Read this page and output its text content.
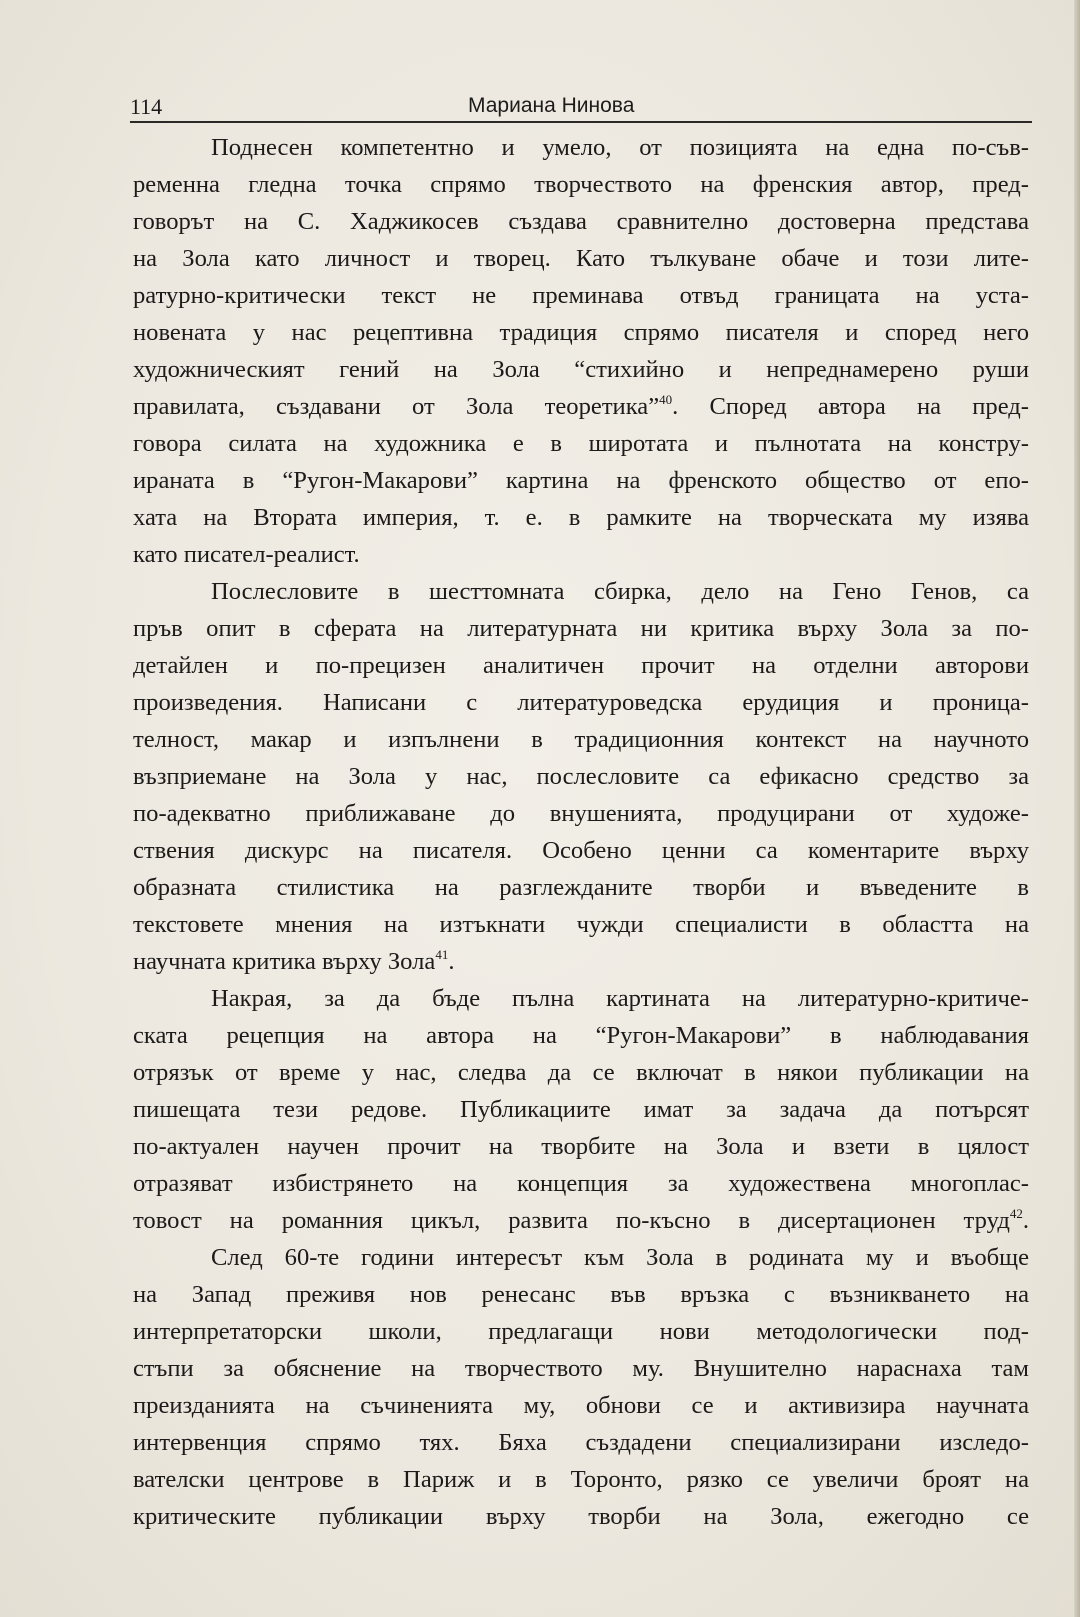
114	Мариана Нинова

Поднесен компетентно и умело, от позицията на една по-съв-

ременна гледна точка спрямо творчеството на френския автор, пред-

говорът на С. Хаджикосев създава сравнително достоверна представа

на Зола като личност и творец. Като тълкуване обаче и този лите-

ратурно-критически текст не преминава отвъд границата на уста-

новената у нас рецептивна традиция спрямо писателя и според него

художническият гений на Зола “стихийно и непреднамерено руши

правилата, създавани от Зола теоретика”$^{40}$. Според автора на пред-

говора силата на художника е в широтата и пълнотата на констру-

ираната в “Ругон-Макарови” картина на френското общество от епо-

хата на Втората империя, т. е. в рамките на творческата му изява

като писател-реалист.

Послесловите в шесттомната сбирка, дело на Гено Генов, са

пръв опит в сферата на литературната ни критика върху Зола за по-

детайлен и по-прецизен аналитичен прочит на отделни авторови

произведения. Написани с литературоведска ерудиция и проница-

телност, макар и изпълнени в традиционния контекст на научното

възприемане на Зола у нас, послесловите са ефикасно средство за

по-адекватно приближаване до внушенията, продуцирани от художе-

ствения дискурс на писателя. Особено ценни са коментарите върху

образната стилистика на разглежданите творби и въведените в

текстовете мнения на изтъкнати чужди специалисти в областта на

научната критика върху Зола$^{41}$.

Накрая, за да бъде пълна картината на литературно-критиче-

ската рецепция на автора на “Ругон-Макарови” в наблюдавания

отрязък от време у нас, следва да се включат в някои публикации на

пишещата тези редове. Публикациите имат за задача да потърсят

по-актуален научен прочит на творбите на Зола и взети в цялост

отразяват избистрянето на концепция за художествена многоплас-

товост на романния цикъл, развита по-късно в дисертационен труд$^{42}$.

След 60-те години интересът към Зола в родината му и въобще

на Запад преживя нов ренесанс във връзка с възникването на

интерпретаторски школи, предлагащи нови методологически под-

стъпи за обяснение на творчеството му. Внушително нараснаха там

преизданията на съчиненията му, обнови се и активизира научната

интервенция спрямо тях. Бяха създадени специализирани изследо-

вателски центрове в Париж и в Торонто, рязко се увеличи броят на

критическите публикации върху творби на Зола, ежегодно се
